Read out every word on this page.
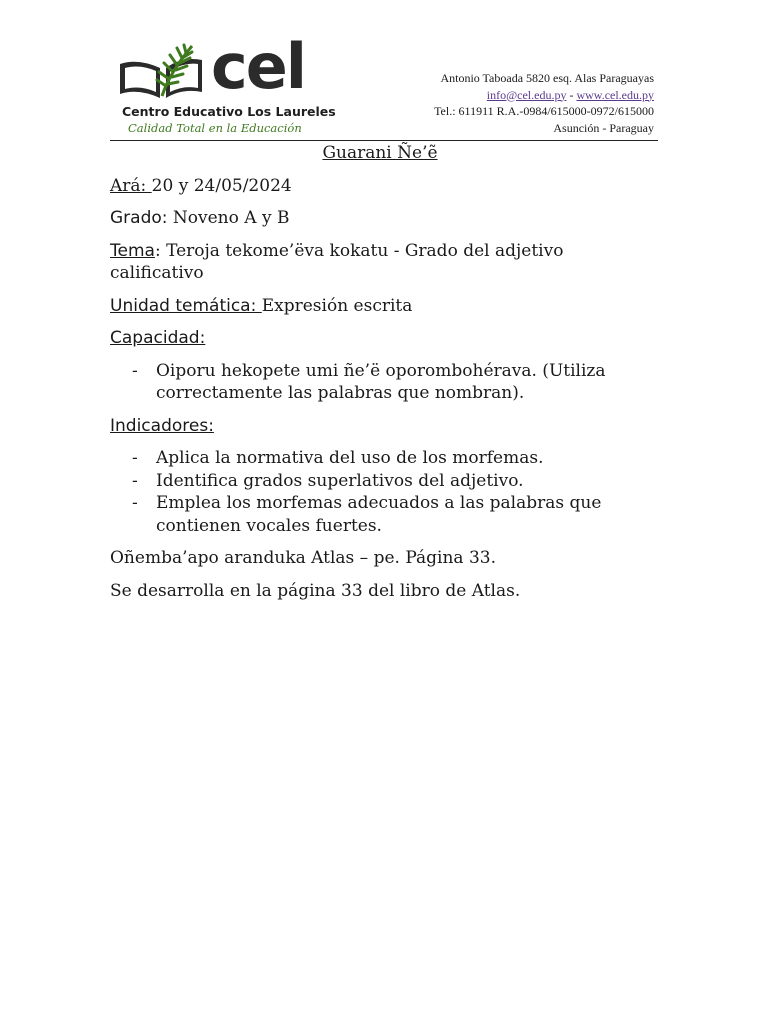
cel
Centro Educativo Los Laureles
Calidad Total en la Educación
Antonio Taboada 5820 esq. Alas Paraguayas
info@cel.edu.py - www.cel.edu.py
Tel.: 611911 R.A.-0984/615000-0972/615000
Asunción - Paraguay

Guarani Ñe’ẽ

Ará: 20 y 24/05/2024

Grado: Noveno A y B

Tema: Teroja tekome’ëva kokatu - Grado del adjetivo calificativo

Unidad temática: Expresión escrita

Capacidad:

- Oiporu hekopete umi ñe’ë oporombohérava. (Utiliza correctamente las palabras que nombran).

Indicadores:

- Aplica la normativa del uso de los morfemas.
- Identifica grados superlativos del adjetivo.
- Emplea los morfemas adecuados a las palabras que contienen vocales fuertes.

Oñemba’apo aranduka Atlas – pe. Página 33.

Se desarrolla en la página 33 del libro de Atlas.
